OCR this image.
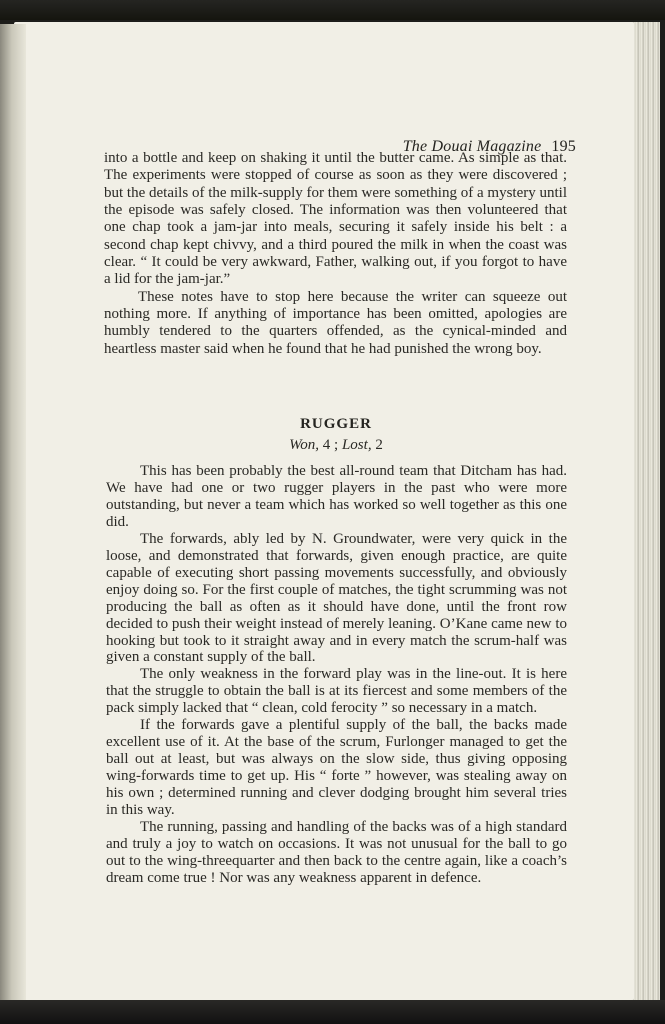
The Douai Magazine 195

into a bottle and keep on shaking it until the butter came. As simple as that. The experiments were stopped of course as soon as they were discovered ; but the details of the milk-supply for them were something of a mystery until the episode was safely closed. The information was then volunteered that one chap took a jam-jar into meals, securing it safely inside his belt : a second chap kept chivvy, and a third poured the milk in when the coast was clear. “ It could be very awkward, Father, walking out, if you forgot to have a lid for the jam-jar.”

These notes have to stop here because the writer can squeeze out nothing more. If anything of importance has been omitted, apologies are humbly tendered to the quarters offended, as the cynical-minded and heartless master said when he found that he had punished the wrong boy.

RUGGER
Won, 4 ; Lost, 2

This has been probably the best all-round team that Ditcham has had. We have had one or two rugger players in the past who were more outstanding, but never a team which has worked so well together as this one did.

The forwards, ably led by N. Groundwater, were very quick in the loose, and demonstrated that forwards, given enough practice, are quite capable of executing short passing movements successfully, and obviously enjoy doing so. For the first couple of matches, the tight scrumming was not producing the ball as often as it should have done, until the front row decided to push their weight instead of merely leaning. O’Kane came new to hooking but took to it straight away and in every match the scrum-half was given a constant supply of the ball.

The only weakness in the forward play was in the line-out. It is here that the struggle to obtain the ball is at its fiercest and some members of the pack simply lacked that “ clean, cold ferocity ” so necessary in a match.

If the forwards gave a plentiful supply of the ball, the backs made excellent use of it. At the base of the scrum, Furlonger managed to get the ball out at least, but was always on the slow side, thus giving opposing wing-forwards time to get up. His “ forte ” however, was stealing away on his own ; determined running and clever dodging brought him several tries in this way.

The running, passing and handling of the backs was of a high standard and truly a joy to watch on occasions. It was not unusual for the ball to go out to the wing-threequarter and then back to the centre again, like a coach’s dream come true ! Nor was any weakness apparent in defence.
